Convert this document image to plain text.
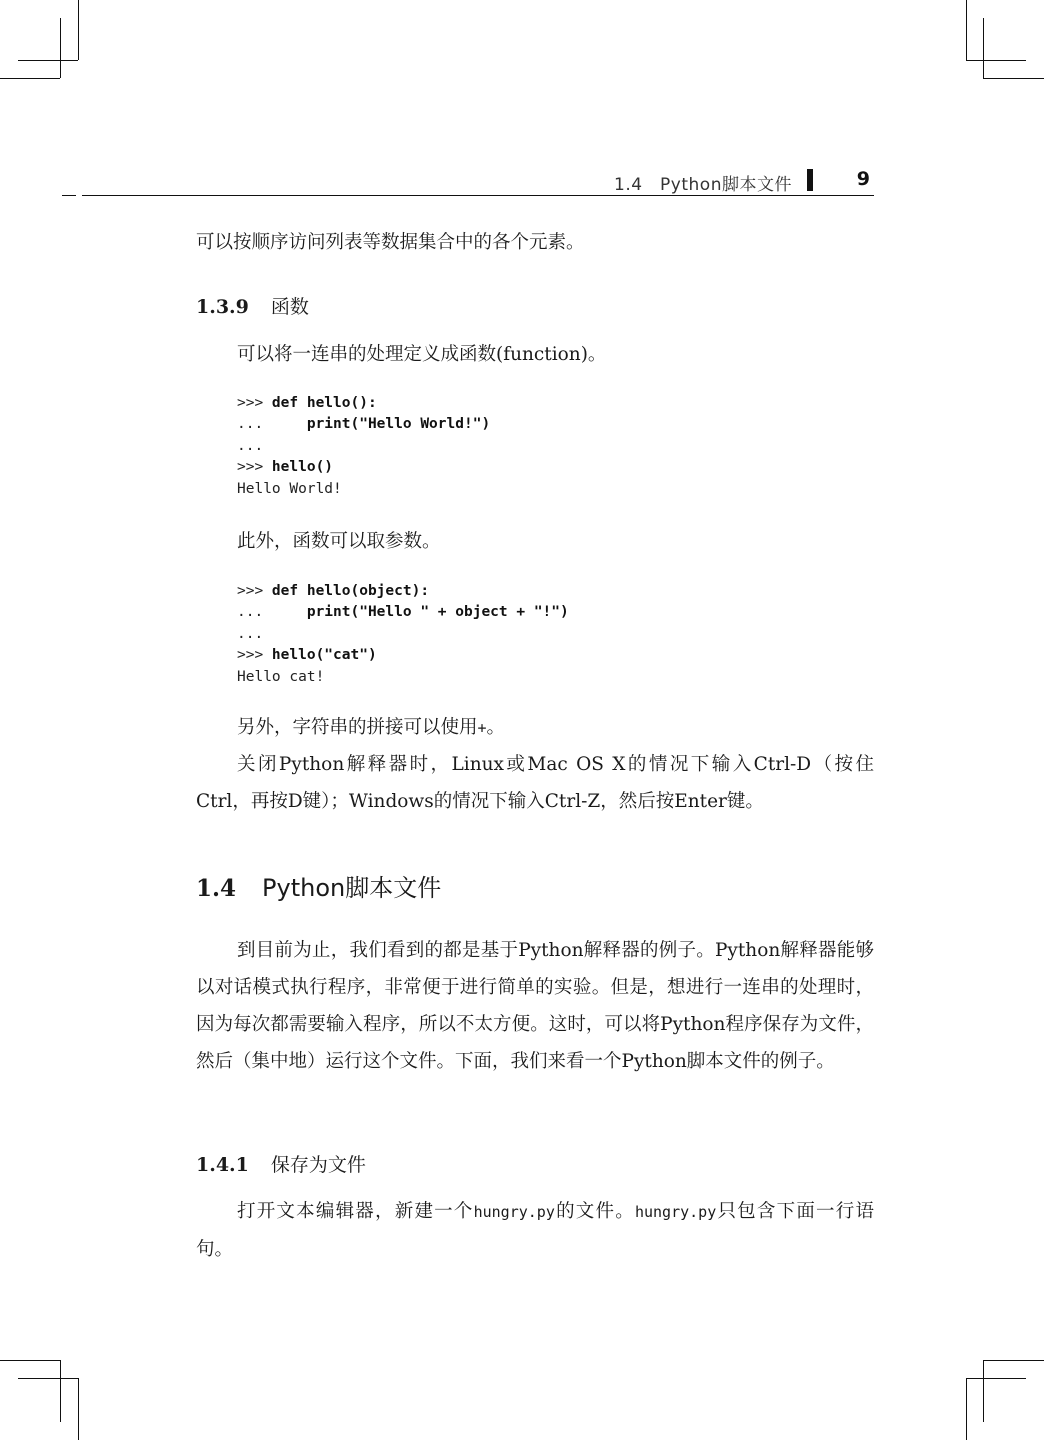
1.4　Python脚本文件	9

可以按顺序访问列表等数据集合中的各个元素。

1.3.9 函数

可以将一连串的处理定义成函数(function)。

>>> def hello():
...     print("Hello World!")
...
>>> hello()
Hello World!

此外，函数可以取参数。

>>> def hello(object):
...     print("Hello " + object + "!")
...
>>> hello("cat")
Hello cat!

另外，字符串的拼接可以使用+。

关闭Python解释器时，Linux或Mac OS X的情况下输入Ctrl-D（按住Ctrl，再按D键）；Windows的情况下输入Ctrl-Z，然后按Enter键。

1.4 Python脚本文件

到目前为止，我们看到的都是基于Python解释器的例子。Python解释器能够以对话模式执行程序，非常便于进行简单的实验。但是，想进行一连串的处理时，因为每次都需要输入程序，所以不太方便。这时，可以将Python程序保存为文件，然后（集中地）运行这个文件。下面，我们来看一个Python脚本文件的例子。

1.4.1 保存为文件

打开文本编辑器，新建一个hungry.py的文件。hungry.py只包含下面一行语句。
